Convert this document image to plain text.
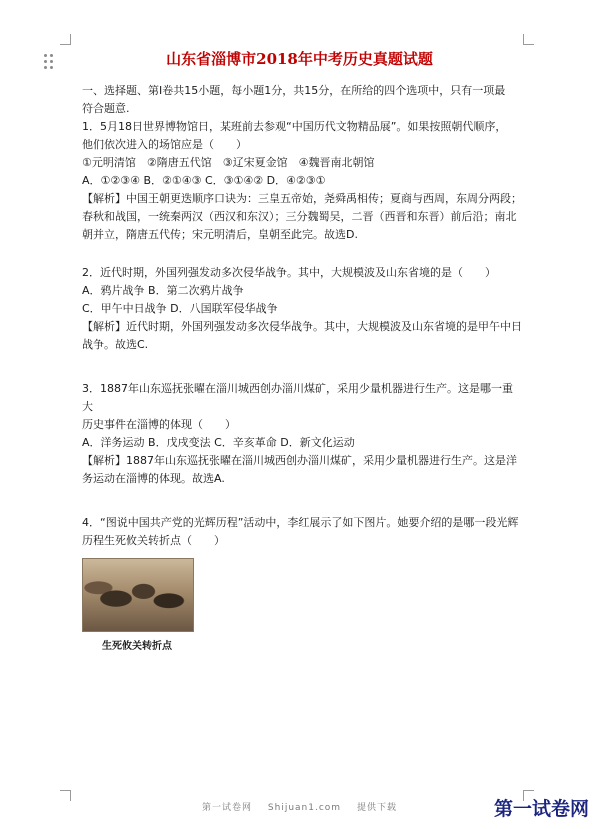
山东省淄博市2018年中考历史真题试题

一、选择题、第Ⅰ卷共15小题，每小题1分，共15分，在所给的四个选项中，只有一项最

符合题意.

1．5月18日世界博物馆日，某班前去参观“中国历代文物精品展”。如果按照朝代顺序，

他们依次进入的场馆应是（　　）

①元明清馆　②隋唐五代馆　③辽宋夏金馆　④魏晋南北朝馆

A．①②③④ B．②①④③ C．③①④② D．④②③①

【解析】中国王朝更迭顺序口诀为：三皇五帝始，尧舜禹相传；夏商与西周，东周分两段；

春秋和战国，一统秦两汉（西汉和东汉）；三分魏蜀吴，二晋（西晋和东晋）前后沿；南北

朝并立，隋唐五代传；宋元明清后，皇朝至此完。故选D.

2．近代时期，外国列强发动多次侵华战争。其中，大规模波及山东省境的是（　　）

A．鸦片战争 B．第二次鸦片战争

C．甲午中日战争 D．八国联军侵华战争

【解析】近代时期，外国列强发动多次侵华战争。其中，大规模波及山东省境的是甲午中日

战争。故选C.

3．1887年山东巡抚张曜在淄川城西创办淄川煤矿，采用少量机器进行生产。这是哪一重大

历史事件在淄博的体现（　　）

A．洋务运动 B．戊戌变法 C．辛亥革命 D．新文化运动

【解析】1887年山东巡抚张曜在淄川城西创办淄川煤矿，采用少量机器进行生产。这是洋

务运动在淄博的体现。故选A.

4．“图说中国共产党的光辉历程”活动中，李红展示了如下图片。她要介绍的是哪一段光辉

历程生死攸关转折点（　　）

生死攸关转折点
第一试卷网 Shijuan1.com 提供下载	第一试卷网
